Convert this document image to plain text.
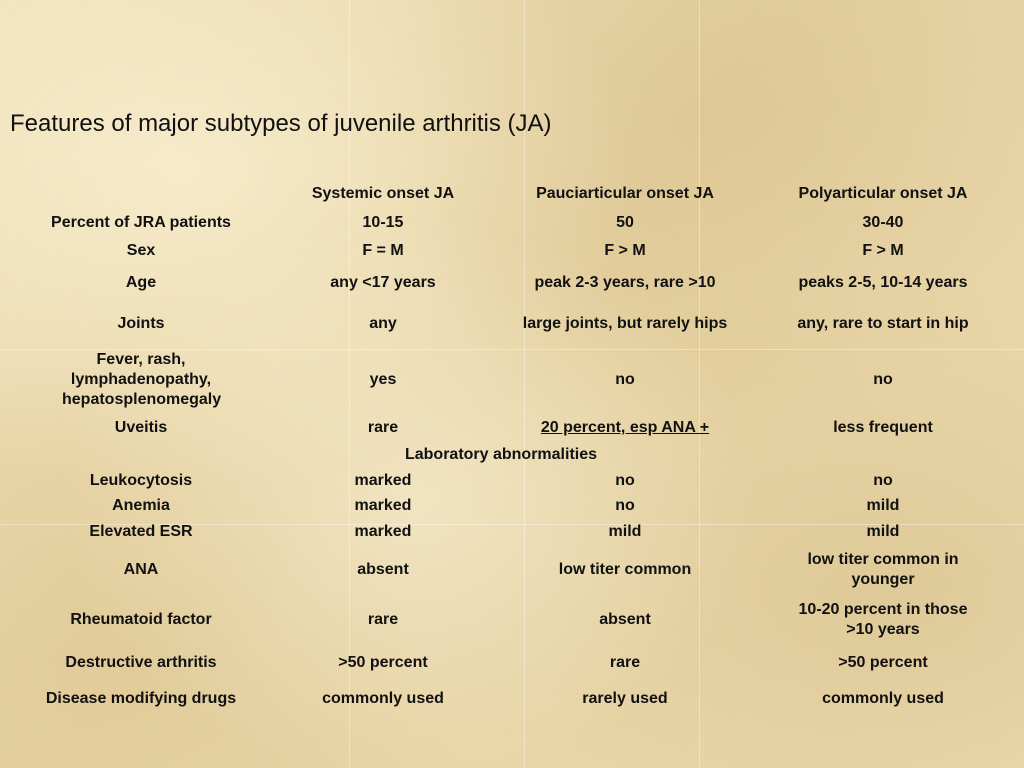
Features of major subtypes of juvenile arthritis (JA)
	Systemic onset JA	Pauciarticular onset JA	Polyarticular onset JA
Percent of JRA patients	10-15	50	30-40
Sex	F = M	F > M	F > M
Age	any <17 years	peak 2-3 years, rare >10	peaks 2-5, 10-14 years
Joints	any	large joints, but rarely hips	any, rare to start in hip
Fever, rash, lymphadenopathy, hepatosplenomegaly	yes	no	no
Uveitis	rare	20 percent, esp ANA +	less frequent
Laboratory abnormalities			
Leukocytosis	marked	no	no
Anemia	marked	no	mild
Elevated ESR	marked	mild	mild
ANA	absent	low titer common	low titer common in younger
Rheumatoid factor	rare	absent	10-20 percent in those >10 years
Destructive arthritis	>50 percent	rare	>50 percent
Disease modifying drugs	commonly used	rarely used	commonly used
